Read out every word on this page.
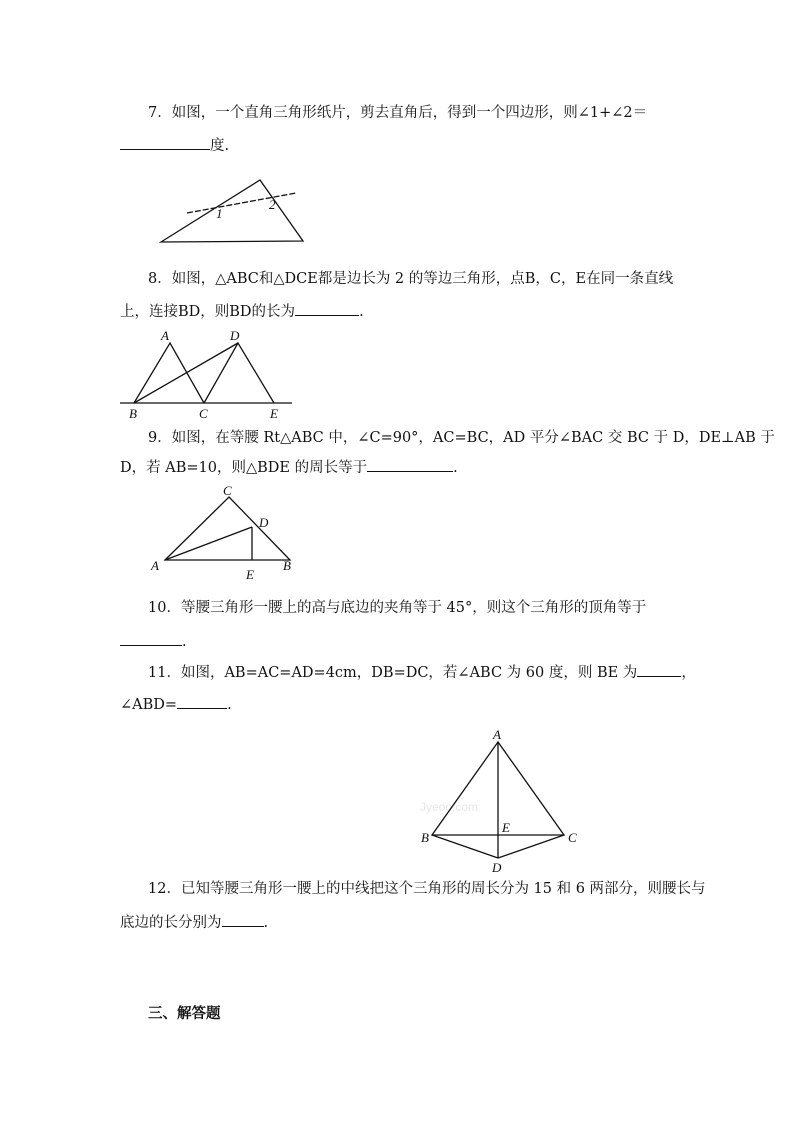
7．如图，一个直角三角形纸片，剪去直角后，得到一个四边形，则∠1+∠2＝
度.
1
2
8．如图，△ABC和△DCE都是边长为 2 的等边三角形，点B，C，E在同一条直线
上，连接BD，则BD的长为	.
A	D
B	C	E
9．如图，在等腰 Rt△ABC 中，∠C=90°，AC=BC，AD 平分∠BAC 交 BC 于 D，DE⊥AB 于
D，若 AB=10，则△BDE 的周长等于	.
C
D
A
E
B
10．等腰三角形一腰上的高与底边的夹角等于 45°，则这个三角形的顶角等于
.
11．如图，AB=AC=AD=4cm，DB=DC，若∠ABC 为 60 度，则 BE 为	，
∠ABD=	.
Jyeoo.com
A
B
E
C
D
12．已知等腰三角形一腰上的中线把这个三角形的周长分为 15 和 6 两部分，则腰长与
底边的长分别为	.
三、解答题
